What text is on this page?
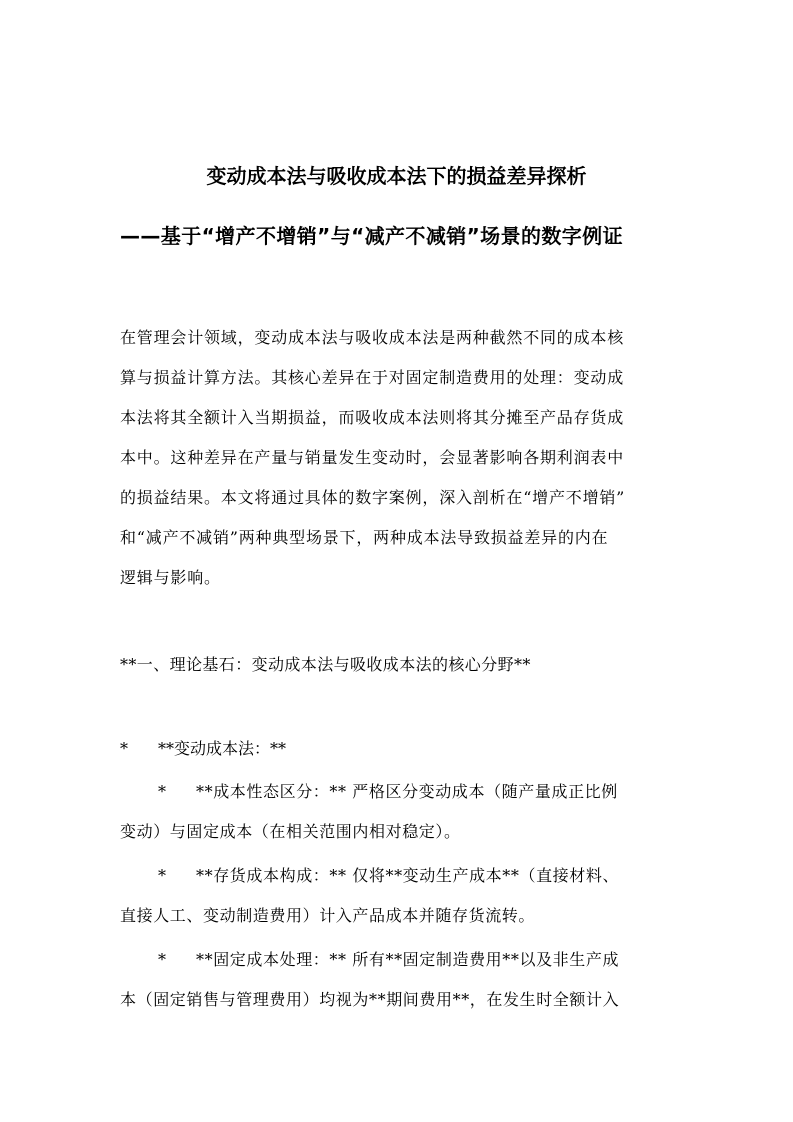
变动成本法与吸收成本法下的损益差异探析
——基于“增产不增销”与“减产不减销”场景的数字例证
在管理会计领域，变动成本法与吸收成本法是两种截然不同的成本核
算与损益计算方法。其核心差异在于对固定制造费用的处理：变动成
本法将其全额计入当期损益，而吸收成本法则将其分摊至产品存货成
本中。这种差异在产量与销量发生变动时，会显著影响各期利润表中
的损益结果。本文将通过具体的数字案例，深入剖析在“增产不增销”
和“减产不减销”两种典型场景下，两种成本法导致损益差异的内在
逻辑与影响。
**一、理论基石：变动成本法与吸收成本法的核心分野**
* **变动成本法：**
* **成本性态区分：** 严格区分变动成本（随产量成正比例
变动）与固定成本（在相关范围内相对稳定）。
* **存货成本构成：** 仅将**变动生产成本**（直接材料、
直接人工、变动制造费用）计入产品成本并随存货流转。
* **固定成本处理：** 所有**固定制造费用**以及非生产成
本（固定销售与管理费用）均视为**期间费用**，在发生时全额计入
